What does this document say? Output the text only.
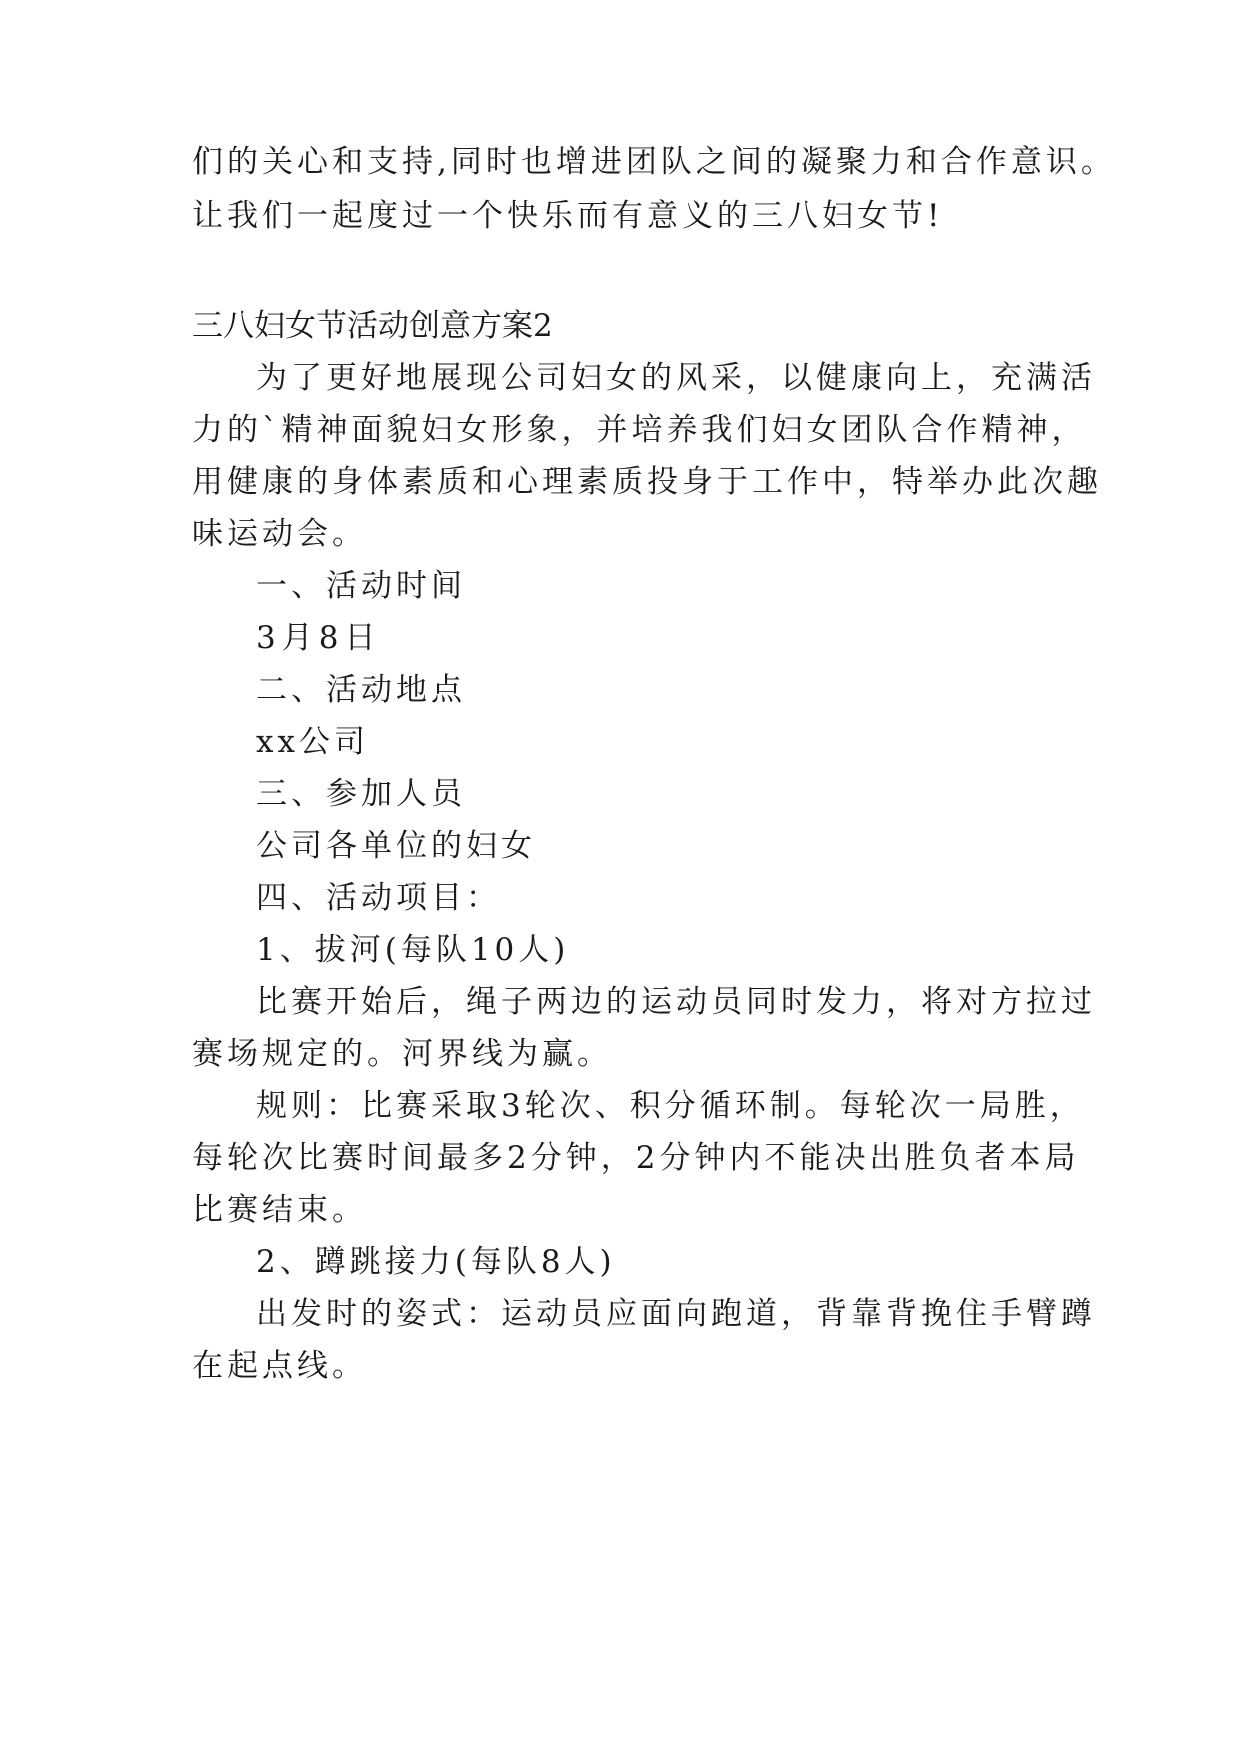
们的关心和支持,同时也增进团队之间的凝聚力和合作意识。
让我们一起度过一个快乐而有意义的三八妇女节!
三八妇女节活动创意方案2
为了更好地展现公司妇女的风采，以健康向上，充满活
力的`精神面貌妇女形象，并培养我们妇女团队合作精神，
用健康的身体素质和心理素质投身于工作中，特举办此次趣
味运动会。
一、活动时间
3月8日
二、活动地点
xx公司
三、参加人员
公司各单位的妇女
四、活动项目：
1、拔河(每队10人)
比赛开始后，绳子两边的运动员同时发力，将对方拉过
赛场规定的。河界线为赢。
规则：比赛采取3轮次、积分循环制。每轮次一局胜，
每轮次比赛时间最多2分钟，2分钟内不能决出胜负者本局
比赛结束。
2、蹲跳接力(每队8人)
出发时的姿式：运动员应面向跑道，背靠背挽住手臂蹲
在起点线。
